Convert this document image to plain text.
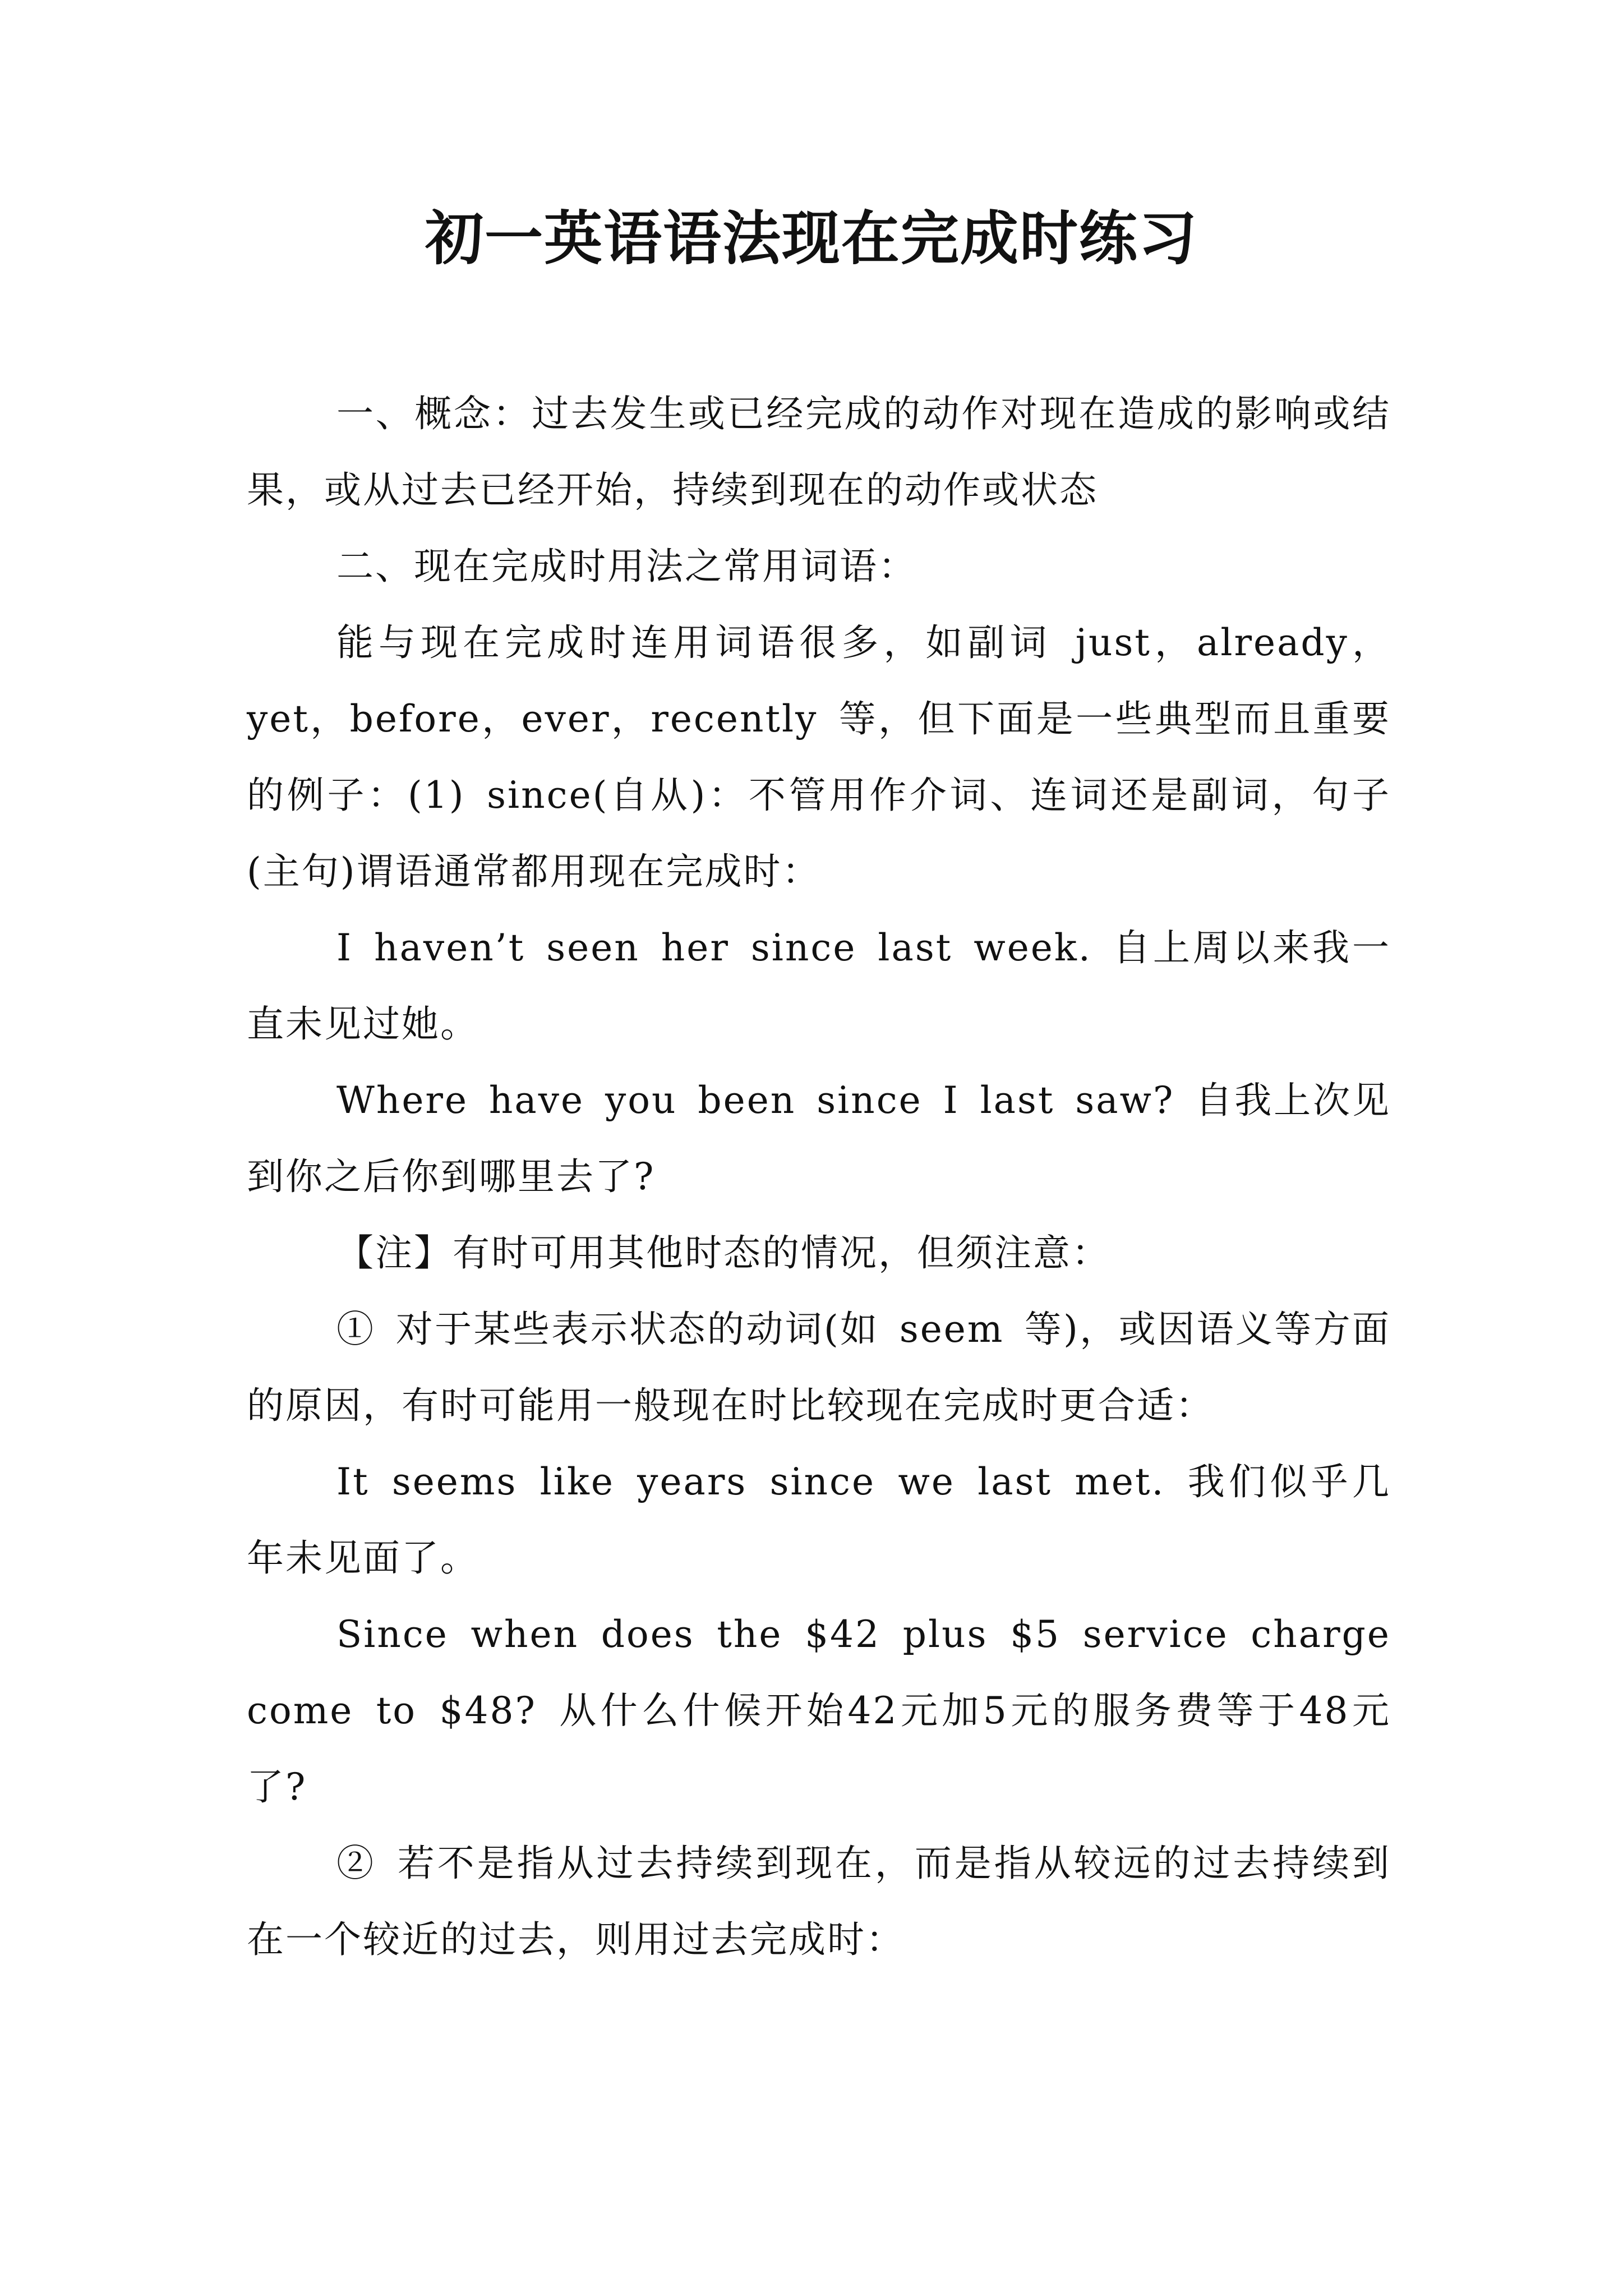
初一英语语法现在完成时练习

一、概念：过去发生或已经完成的动作对现在造成的影响或结果，或从过去已经开始，持续到现在的动作或状态

二、现在完成时用法之常用词语：

能与现在完成时连用词语很多，如副词 just，already，yet，before，ever，recently 等，但下面是一些典型而且重要的例子：(1) since(自从)：不管用作介词、连词还是副词，句子(主句)谓语通常都用现在完成时：

I haven’t seen her since last week. 自上周以来我一直未见过她。

Where have you been since I last saw? 自我上次见到你之后你到哪里去了?

【注】有时可用其他时态的情况，但须注意：

① 对于某些表示状态的动词(如 seem 等)，或因语义等方面的原因，有时可能用一般现在时比较现在完成时更合适：

It seems like years since we last met. 我们似乎几年未见面了。

Since when does the $42 plus $5 service charge come to $48? 从什么什候开始42元加5元的服务费等于48元了?

② 若不是指从过去持续到现在，而是指从较远的过去持续到在一个较近的过去，则用过去完成时：
